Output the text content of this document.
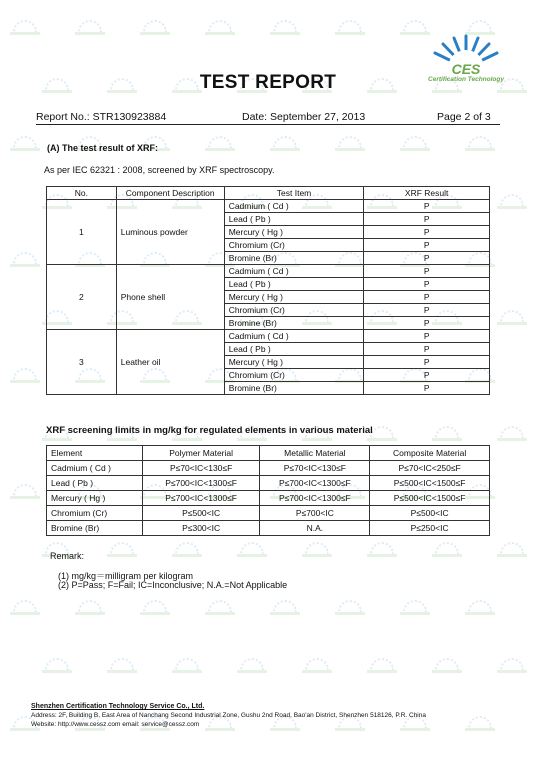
CES
Certification Technology
TEST REPORT
Report No.: STR130923884	Date: September 27, 2013	Page 2 of 3
(A) The test result of XRF:
As per IEC 62321 : 2008, screened by XRF spectroscopy.
No.	Component Description	Test Item	XRF Result
1	Luminous powder	Cadmium ( Cd )	P
		Lead ( Pb )	P
		Mercury ( Hg )	P
		Chromium (Cr)	P
		Bromine (Br)	P
2	Phone shell	Cadmium ( Cd )	P
		Lead ( Pb )	P
		Mercury ( Hg )	P
		Chromium (Cr)	P
		Bromine (Br)	P
3	Leather oil	Cadmium ( Cd )	P
		Lead ( Pb )	P
		Mercury ( Hg )	P
		Chromium (Cr)	P
		Bromine (Br)	P
XRF screening limits in mg/kg for regulated elements in various material
Element	Polymer Material	Metallic Material	Composite Material
Cadmium ( Cd )	P≤70<IC<130≤F	P≤70<IC<130≤F	P≤70<IC<250≤F
Lead ( Pb )	P≤700<IC<1300≤F	P≤700<IC<1300≤F	P≤500<IC<1500≤F
Mercury ( Hg )	P≤700<IC<1300≤F	P≤700<IC<1300≤F	P≤500<IC<1500≤F
Chromium (Cr)	P≤500<IC	P≤700<IC	P≤500<IC
Bromine (Br)	P≤300<IC	N.A.	P≤250<IC
Remark:
(1) mg/kg＝milligram per kilogram
(2) P=Pass; F=Fail; IC=Inconclusive; N.A.=Not Applicable
Shenzhen Certification Technology Service Co., Ltd.
Address: 2F, Building B, East Area of Nanchang Second Industrial Zone, Gushu 2nd Road, Bao'an District, Shenzhen 518126, P.R. China
Website: http://www.cessz.com email: service@cessz.com
